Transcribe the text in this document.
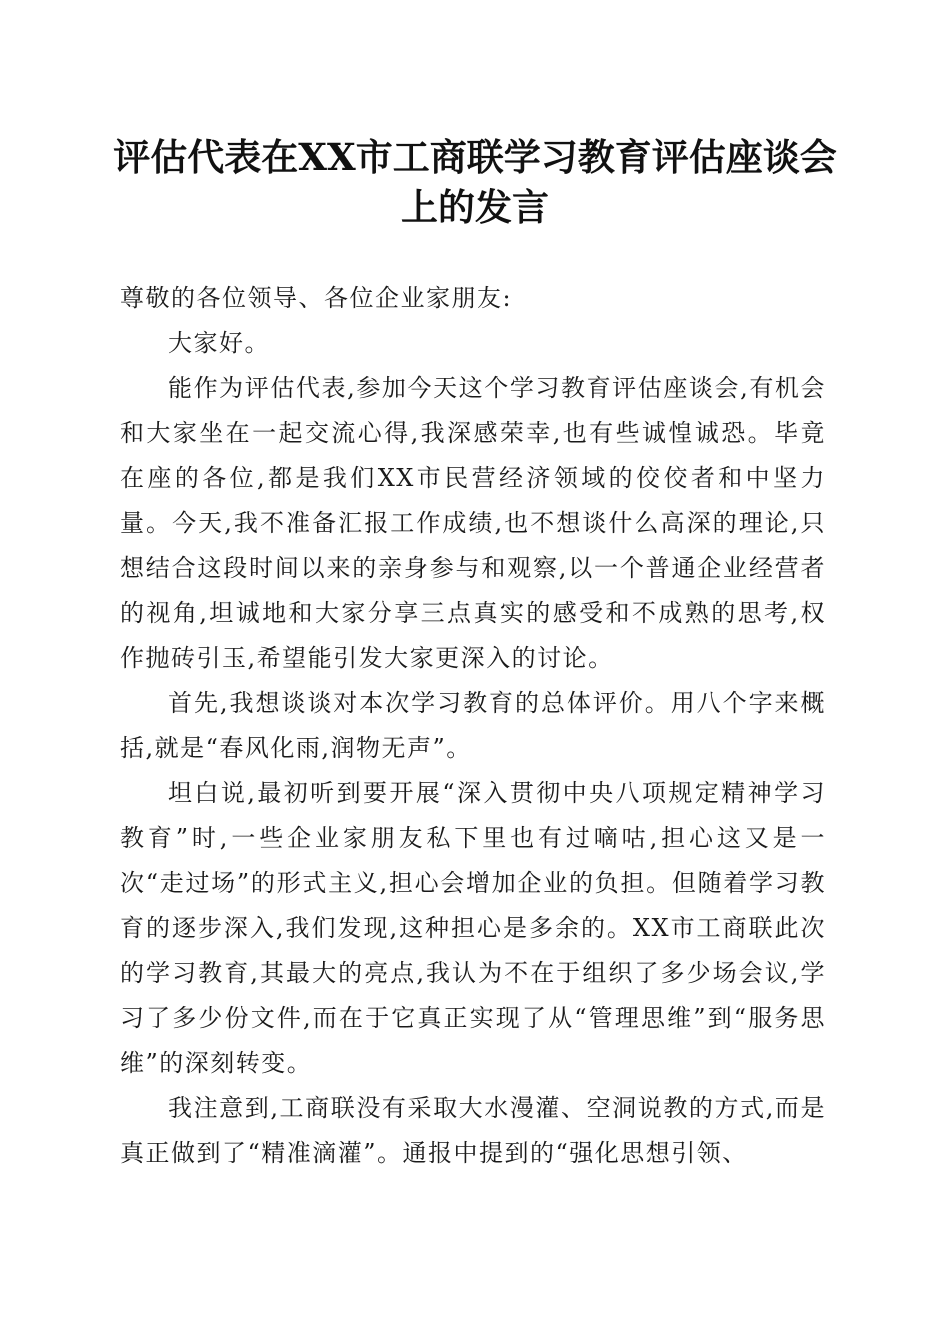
评估代表在XX市工商联学习教育评估座谈会上的发言

尊敬的各位领导、各位企业家朋友:

大家好。

能作为评估代表,参加今天这个学习教育评估座谈会,有机会和大家坐在一起交流心得,我深感荣幸,也有些诚惶诚恐。毕竟在座的各位,都是我们XX市民营经济领域的佼佼者和中坚力量。今天,我不准备汇报工作成绩,也不想谈什么高深的理论,只想结合这段时间以来的亲身参与和观察,以一个普通企业经营者的视角,坦诚地和大家分享三点真实的感受和不成熟的思考,权作抛砖引玉,希望能引发大家更深入的讨论。

首先,我想谈谈对本次学习教育的总体评价。用八个字来概括,就是“春风化雨,润物无声”。

坦白说,最初听到要开展“深入贯彻中央八项规定精神学习教育”时,一些企业家朋友私下里也有过嘀咕,担心这又是一次“走过场”的形式主义,担心会增加企业的负担。但随着学习教育的逐步深入,我们发现,这种担心是多余的。XX市工商联此次的学习教育,其最大的亮点,我认为不在于组织了多少场会议,学习了多少份文件,而在于它真正实现了从“管理思维”到“服务思维”的深刻转变。

我注意到,工商联没有采取大水漫灌、空洞说教的方式,而是真正做到了“精准滴灌”。通报中提到的“强化思想引领、
